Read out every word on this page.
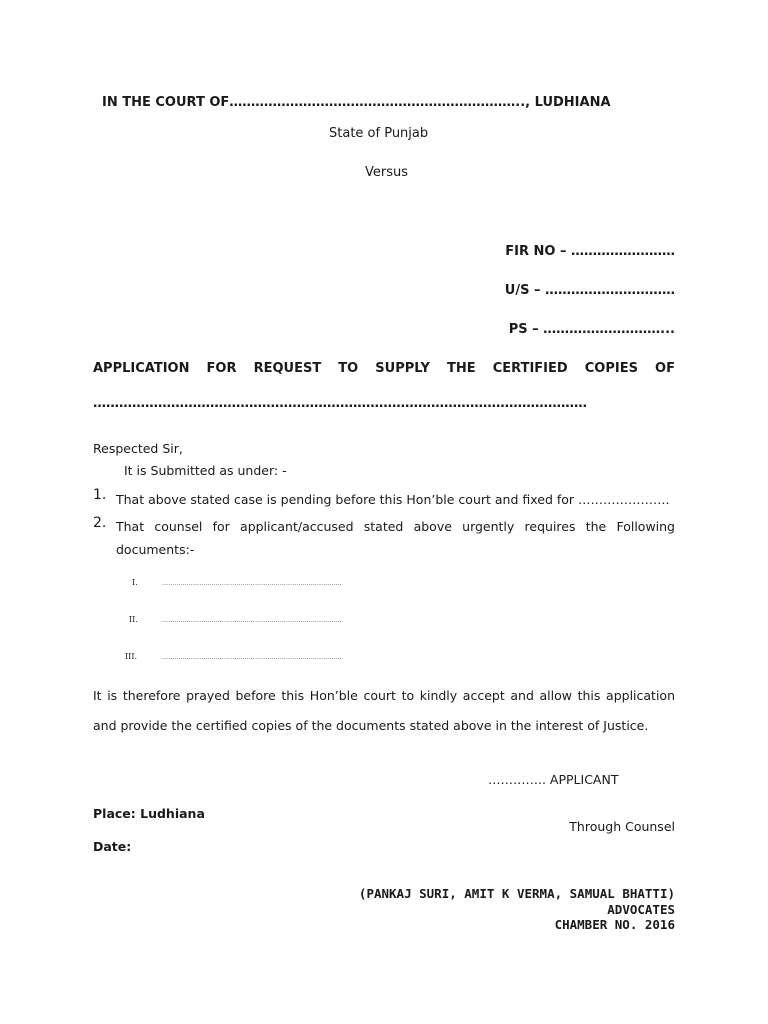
IN THE COURT OF………………………………………………………….., LUDHIANA
State of Punjab
Versus
FIR NO – ……………………
U/S – …………………………
PS – ………………………...
APPLICATION FOR REQUEST TO SUPPLY THE CERTIFIED COPIES OF
……………………………………………………………………………………………………
Respected Sir,
It is Submitted as under: -
1. That above stated case is pending before this Hon’ble court and fixed for ………………….
2. That counsel for applicant/accused stated above urgently requires the Following
documents:-
I.	……………………………………………………………………………
II.	……………………………………………………………………………
III.	……………………………………………………………………………
It is therefore prayed before this Hon’ble court to kindly accept and allow this application
and provide the certified copies of the documents stated above in the interest of Justice.
………….. APPLICANT
Place: Ludhiana
Through Counsel
Date:
(PANKAJ SURI, AMIT K VERMA, SAMUAL BHATTI)
ADVOCATES
CHAMBER NO. 2016
